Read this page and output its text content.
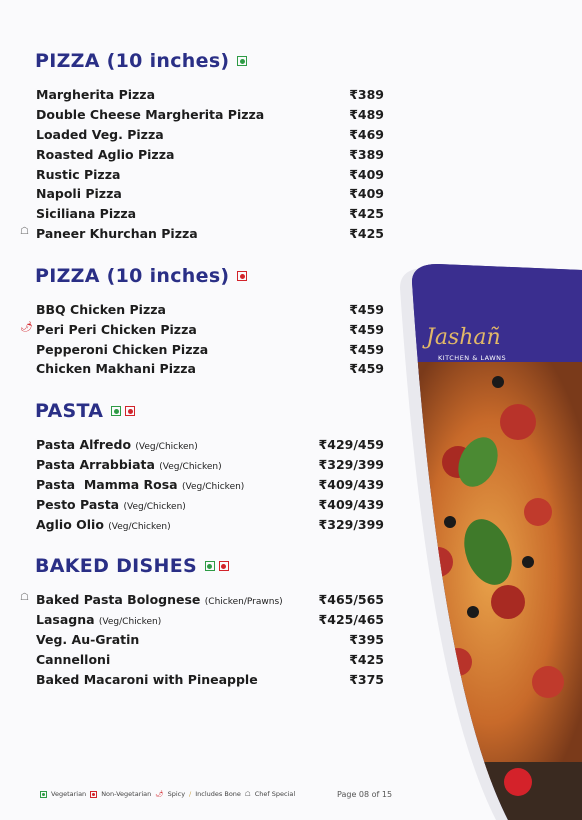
PIZZA (10 inches)
Margherita Pizza	₹389
Double Cheese Margherita Pizza	₹489
Loaded Veg. Pizza	₹469
Roasted Aglio Pizza	₹389
Rustic Pizza	₹409
Napoli Pizza	₹409
Siciliana Pizza	₹425
☖ Paneer Khurchan Pizza	₹425
PIZZA (10 inches)
BBQ Chicken Pizza	₹459
🌶 Peri Peri Chicken Pizza	₹459
Pepperoni Chicken Pizza	₹459
Chicken Makhani Pizza	₹459
PASTA
Pasta Alfredo (Veg/Chicken)	₹429/459
Pasta Arrabbiata (Veg/Chicken)	₹329/399
Pasta  Mamma Rosa (Veg/Chicken)	₹409/439
Pesto Pasta (Veg/Chicken)	₹409/439
Aglio Olio (Veg/Chicken)	₹329/399
BAKED DISHES
☖ Baked Pasta Bolognese (Chicken/Prawns)	₹465/565
Lasagna (Veg/Chicken)	₹425/465
Veg. Au-Gratin	₹395
Cannelloni	₹425
Baked Macaroni with Pineapple	₹375
Jashañ
KITCHEN & LAWNS
Vegetarian Non-Vegetarian 🌶 Spicy / Includes Bone ☖ Chef Special	Page 08 of 15
